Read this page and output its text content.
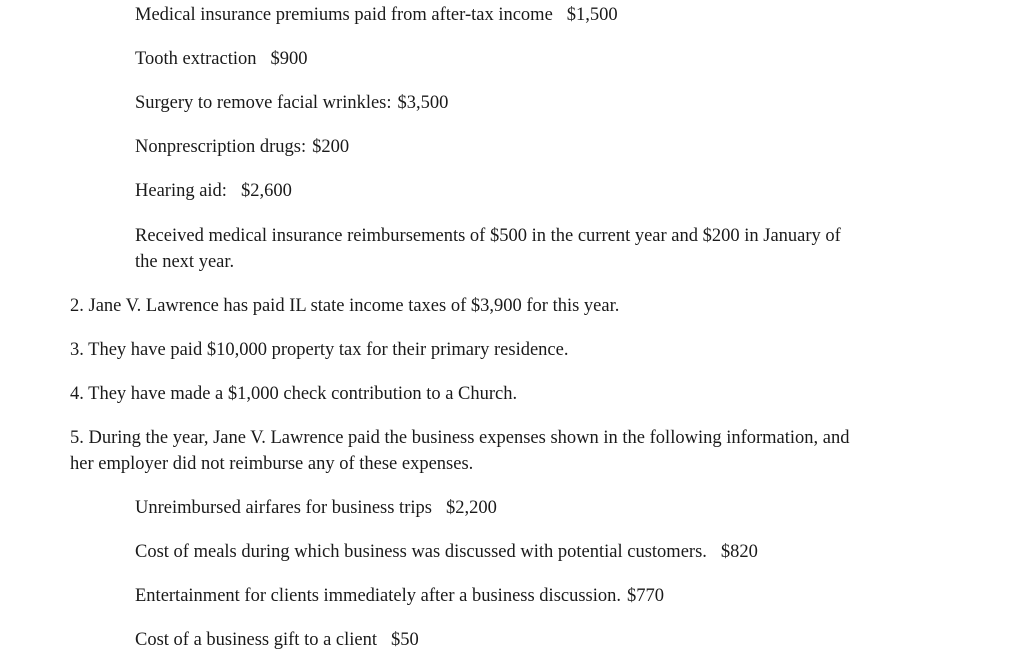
Medical insurance premiums paid from after-tax income $1,500
Tooth extraction $900
Surgery to remove facial wrinkles: $3,500
Nonprescription drugs: $200
Hearing aid: $2,600
Received medical insurance reimbursements of $500 in the current year and $200 in January of
the next year.
2. Jane V. Lawrence has paid IL state income taxes of $3,900 for this year.
3. They have paid $10,000 property tax for their primary residence.
4. They have made a $1,000 check contribution to a Church.
5. During the year, Jane V. Lawrence paid the business expenses shown in the following information, and
her employer did not reimburse any of these expenses.
Unreimbursed airfares for business trips $2,200
Cost of meals during which business was discussed with potential customers. $820
Entertainment for clients immediately after a business discussion. $770
Cost of a business gift to a client $50
